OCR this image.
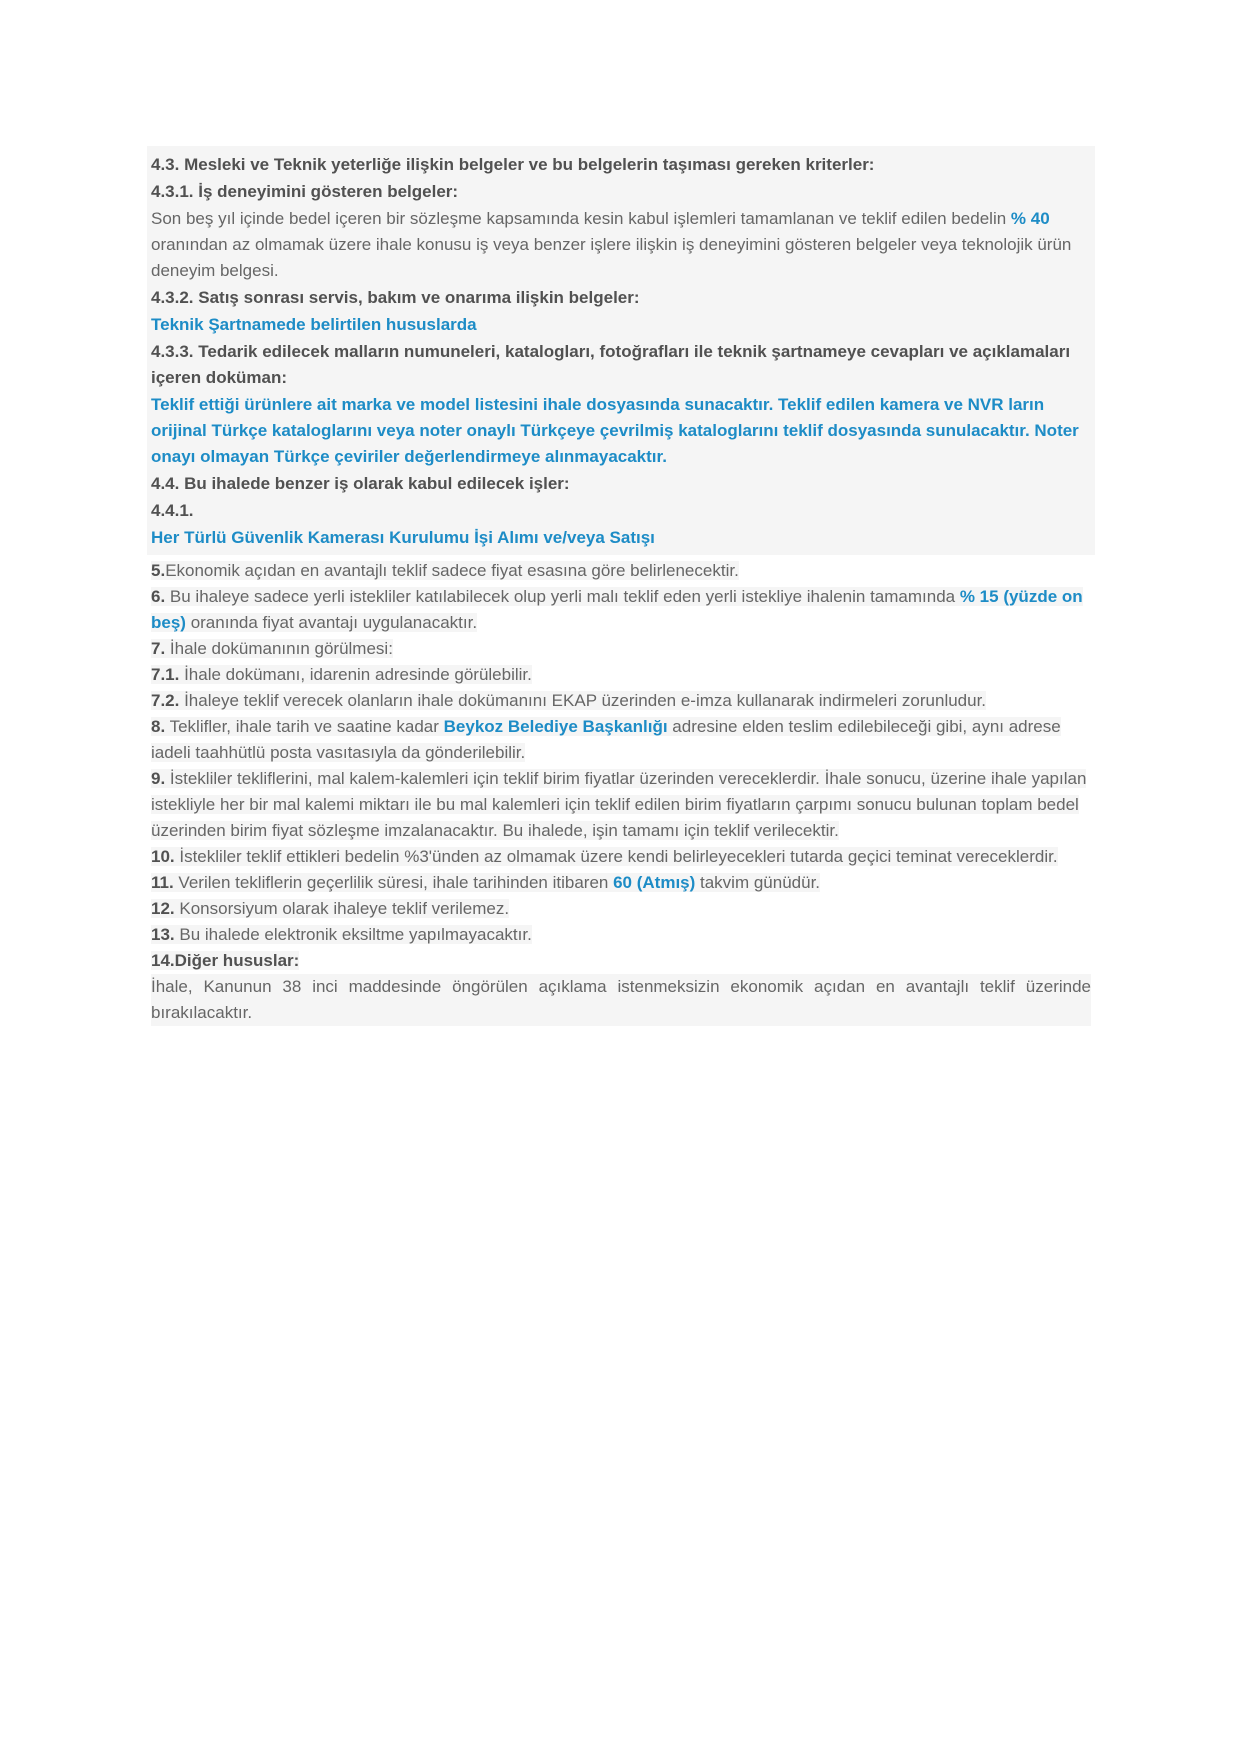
4.3. Mesleki ve Teknik yeterliğe ilişkin belgeler ve bu belgelerin taşıması gereken kriterler:

4.3.1. İş deneyimini gösteren belgeler:

Son beş yıl içinde bedel içeren bir sözleşme kapsamında kesin kabul işlemleri tamamlanan ve teklif edilen bedelin % 40 oranından az olmamak üzere ihale konusu iş veya benzer işlere ilişkin iş deneyimini gösteren belgeler veya teknolojik ürün deneyim belgesi.

4.3.2. Satış sonrası servis, bakım ve onarıma ilişkin belgeler:

Teknik Şartnamede belirtilen hususlarda

4.3.3. Tedarik edilecek malların numuneleri, katalogları, fotoğrafları ile teknik şartnameye cevapları ve açıklamaları içeren doküman:

Teklif ettiği ürünlere ait marka ve model listesini ihale dosyasında sunacaktır. Teklif edilen kamera ve NVR ların orijinal Türkçe kataloglarını veya noter onaylı Türkçeye çevrilmiş kataloglarını teklif dosyasında sunulacaktır. Noter onayı olmayan Türkçe çeviriler değerlendirmeye alınmayacaktır.

4.4. Bu ihalede benzer iş olarak kabul edilecek işler:

4.4.1.

Her Türlü Güvenlik Kamerası Kurulumu İşi Alımı ve/veya Satışı

5.Ekonomik açıdan en avantajlı teklif sadece fiyat esasına göre belirlenecektir.

6. Bu ihaleye sadece yerli istekliler katılabilecek olup yerli malı teklif eden yerli istekliye ihalenin tamamında % 15 (yüzde on beş) oranında fiyat avantajı uygulanacaktır.

7. İhale dokümanının görülmesi:

7.1. İhale dokümanı, idarenin adresinde görülebilir.

7.2. İhaleye teklif verecek olanların ihale dokümanını EKAP üzerinden e-imza kullanarak indirmeleri zorunludur.

8. Teklifler, ihale tarih ve saatine kadar Beykoz Belediye Başkanlığı adresine elden teslim edilebileceği gibi, aynı adrese iadeli taahhütlü posta vasıtasıyla da gönderilebilir.

9. İstekliler tekliflerini, mal kalem-kalemleri için teklif birim fiyatlar üzerinden vereceklerdir. İhale sonucu, üzerine ihale yapılan istekliyle her bir mal kalemi miktarı ile bu mal kalemleri için teklif edilen birim fiyatların çarpımı sonucu bulunan toplam bedel üzerinden birim fiyat sözleşme imzalanacaktır. Bu ihalede, işin tamamı için teklif verilecektir.

10. İstekliler teklif ettikleri bedelin %3'ünden az olmamak üzere kendi belirleyecekleri tutarda geçici teminat vereceklerdir.

11. Verilen tekliflerin geçerlilik süresi, ihale tarihinden itibaren 60 (Atmış) takvim günüdür.

12. Konsorsiyum olarak ihaleye teklif verilemez.

13. Bu ihalede elektronik eksiltme yapılmayacaktır.

14.Diğer hususlar:

İhale, Kanunun 38 inci maddesinde öngörülen açıklama istenmeksizin ekonomik açıdan en avantajlı teklif üzerinde bırakılacaktır.
